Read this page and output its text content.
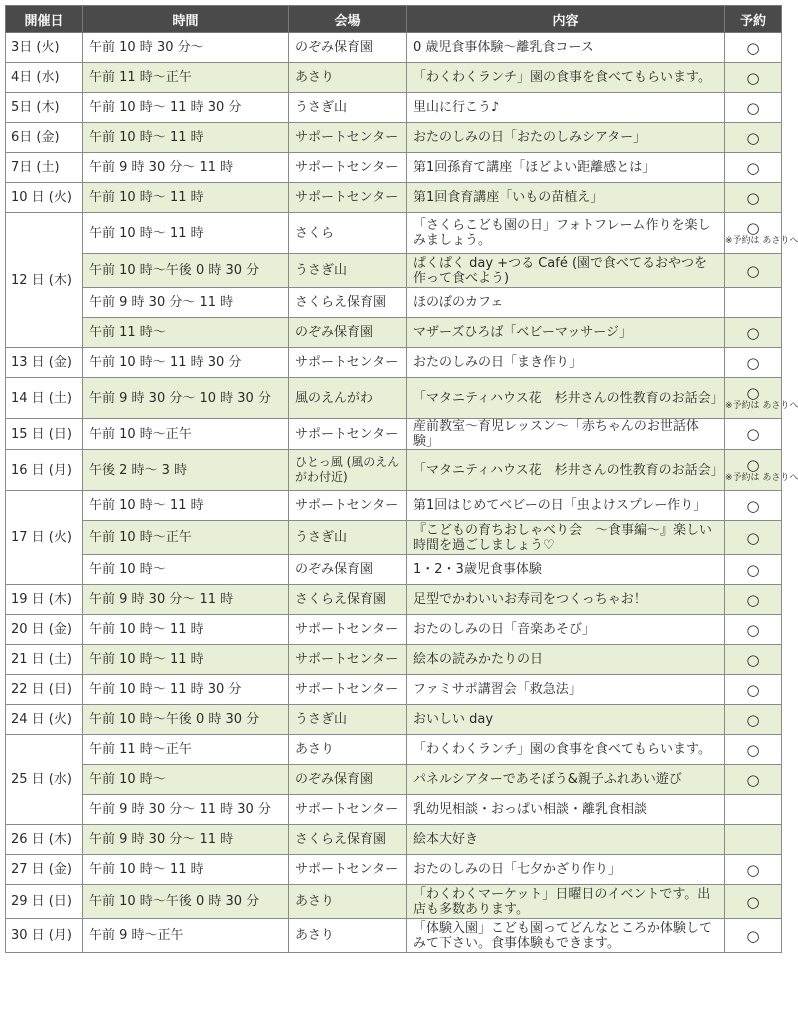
開催日	時間	会場	内容	予約
3日 (火)	午前 10 時 30 分〜	のぞみ保育園	0 歳児食事体験〜離乳食コース	○

4日 (水)	午前 11 時〜正午	あさり	「わくわくランチ」園の食事を食べてもらいます。	○

5日 (木)	午前 10 時〜 11 時 30 分	うさぎ山	里山に行こう♪	○

6日 (金)	午前 10 時〜 11 時	サポートセンター	おたのしみの日「おたのしみシアター」	○

7日 (土)	午前 9 時 30 分〜 11 時	サポートセンター	第1回孫育て講座「ほどよい距離感とは」	○

10 日 (火)	午前 10 時〜 11 時	サポートセンター	第1回食育講座「いもの苗植え」	○

12 日 (木)	午前 10 時〜 11 時	さくら	「さくらこども園の日」フォトフレーム作りを楽しみましょう。	○
※予約は あさりへ

	午前 10 時〜午後 0 時 30 分	うさぎ山	ぱくぱく day +つる Café (園で食べてるおやつを作って食べよう)	○

	午前 9 時 30 分〜 11 時	さくらえ保育園	ほのぼのカフェ	

	午前 11 時〜	のぞみ保育園	マザーズひろば「ベビーマッサージ」	○

13 日 (金)	午前 10 時〜 11 時 30 分	サポートセンター	おたのしみの日「まき作り」	○

14 日 (土)	午前 9 時 30 分〜 10 時 30 分	風のえんがわ	「マタニティハウス花　杉井さんの性教育のお話会」	○
※予約は あさりへ

15 日 (日)	午前 10 時〜正午	サポートセンター	産前教室〜育児レッスン〜「赤ちゃんのお世話体験」	○

16 日 (月)	午後 2 時〜 3 時	ひとっ風 (風のえんがわ付近)	「マタニティハウス花　杉井さんの性教育のお話会」	○
※予約は あさりへ

17 日 (火)	午前 10 時〜 11 時	サポートセンター	第1回はじめてベビーの日「虫よけスプレー作り」	○

	午前 10 時〜正午	うさぎ山	『こどもの育ちおしゃべり会　〜食事編〜』楽しい時間を過ごしましょう♡	○

	午前 10 時〜	のぞみ保育園	1・2・3歳児食事体験	○

19 日 (木)	午前 9 時 30 分〜 11 時	さくらえ保育園	足型でかわいいお寿司をつくっちゃお！	○

20 日 (金)	午前 10 時〜 11 時	サポートセンター	おたのしみの日「音楽あそび」	○

21 日 (土)	午前 10 時〜 11 時	サポートセンター	絵本の読みかたりの日	○

22 日 (日)	午前 10 時〜 11 時 30 分	サポートセンター	ファミサポ講習会「救急法」	○

24 日 (火)	午前 10 時〜午後 0 時 30 分	うさぎ山	おいしい day	○

25 日 (水)	午前 11 時〜正午	あさり	「わくわくランチ」園の食事を食べてもらいます。	○

	午前 10 時〜	のぞみ保育園	パネルシアターであそぼう&親子ふれあい遊び	○

	午前 9 時 30 分〜 11 時 30 分	サポートセンター	乳幼児相談・おっぱい相談・離乳食相談	

26 日 (木)	午前 9 時 30 分〜 11 時	さくらえ保育園	絵本大好き	

27 日 (金)	午前 10 時〜 11 時	サポートセンター	おたのしみの日「七夕かざり作り」	○

29 日 (日)	午前 10 時〜午後 0 時 30 分	あさり	「わくわくマーケット」日曜日のイベントです。出店も多数あります。	○

30 日 (月)	午前 9 時〜正午	あさり	「体験入園」こども園ってどんなところか体験してみて下さい。食事体験もできます。	○
